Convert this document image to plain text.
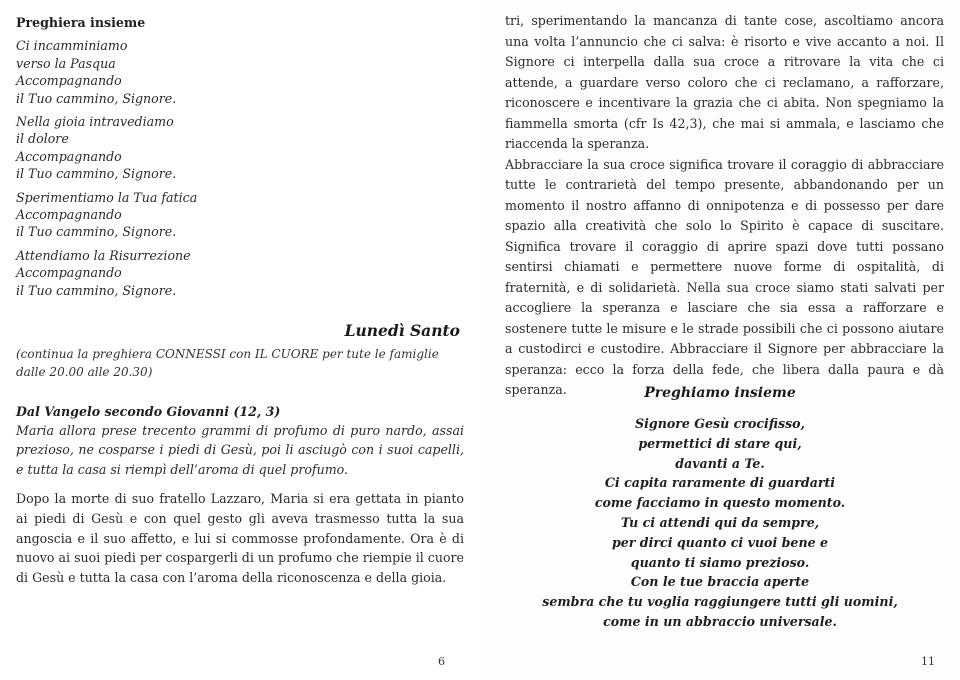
Preghiera insieme
Ci incamminiamo
verso la Pasqua
Accompagnando
il Tuo cammino, Signore.
Nella gioia intravediamo
il dolore
Accompagnando
il Tuo cammino, Signore.
Sperimentiamo la Tua fatica
Accompagnando
il Tuo cammino, Signore.
Attendiamo la Risurrezione
Accompagnando
il Tuo cammino, Signore.
Lunedì Santo
(continua la preghiera CONNESSI con IL CUORE per tute le famiglie dalle 20.00 alle 20.30)
Dal Vangelo secondo Giovanni (12, 3)
Maria allora prese trecento grammi di profumo di puro nardo, assai prezioso, ne cosparse i piedi di Gesù, poi li asciugò con i suoi capelli, e tutta la casa si riempì dell’aroma di quel profumo.
Dopo la morte di suo fratello Lazzaro, Maria si era gettata in pianto ai piedi di Gesù e con quel gesto gli aveva trasmesso tutta la sua angoscia e il suo affetto, e lui si commosse profondamente. Ora è di nuovo ai suoi piedi per cospargerli di un profumo che riempie il cuore di Gesù e tutta la casa con l’aroma della riconoscenza e della gioia.
6

tri, sperimentando la mancanza di tante cose, ascoltiamo ancora una volta l’annuncio che ci salva: è risorto e vive accanto a noi. Il Signore ci interpella dalla sua croce a ritrovare la vita che ci attende, a guardare verso coloro che ci reclamano, a rafforzare, riconoscere e incentivare la grazia che ci abita. Non spegniamo la fiammella smorta (cfr Is 42,3), che mai si ammala, e lasciamo che riaccenda la speranza.

Abbracciare la sua croce significa trovare il coraggio di abbracciare tutte le contrarietà del tempo presente, abbandonando per un momento il nostro affanno di onnipotenza e di possesso per dare spazio alla creatività che solo lo Spirito è capace di suscitare. Significa trovare il coraggio di aprire spazi dove tutti possano sentirsi chiamati e permettere nuove forme di ospitalità, di fraternità, e di solidarietà. Nella sua croce siamo stati salvati per accogliere la speranza e lasciare che sia essa a rafforzare e sostenere tutte le misure e le strade possibili che ci possono aiutare a custodirci e custodire. Abbracciare il Signore per abbracciare la speranza: ecco la forza della fede, che libera dalla paura e dà speranza.	Preghiamo insieme
Signore Gesù crocifisso,
permettici di stare qui,
davanti a Te.
Ci capita raramente di guardarti
come facciamo in questo momento.
Tu ci attendi qui da sempre,
per dirci quanto ci vuoi bene e
quanto ti siamo prezioso.
Con le tue braccia aperte
sembra che tu voglia raggiungere tutti gli uomini,
come in un abbraccio universale.
11
